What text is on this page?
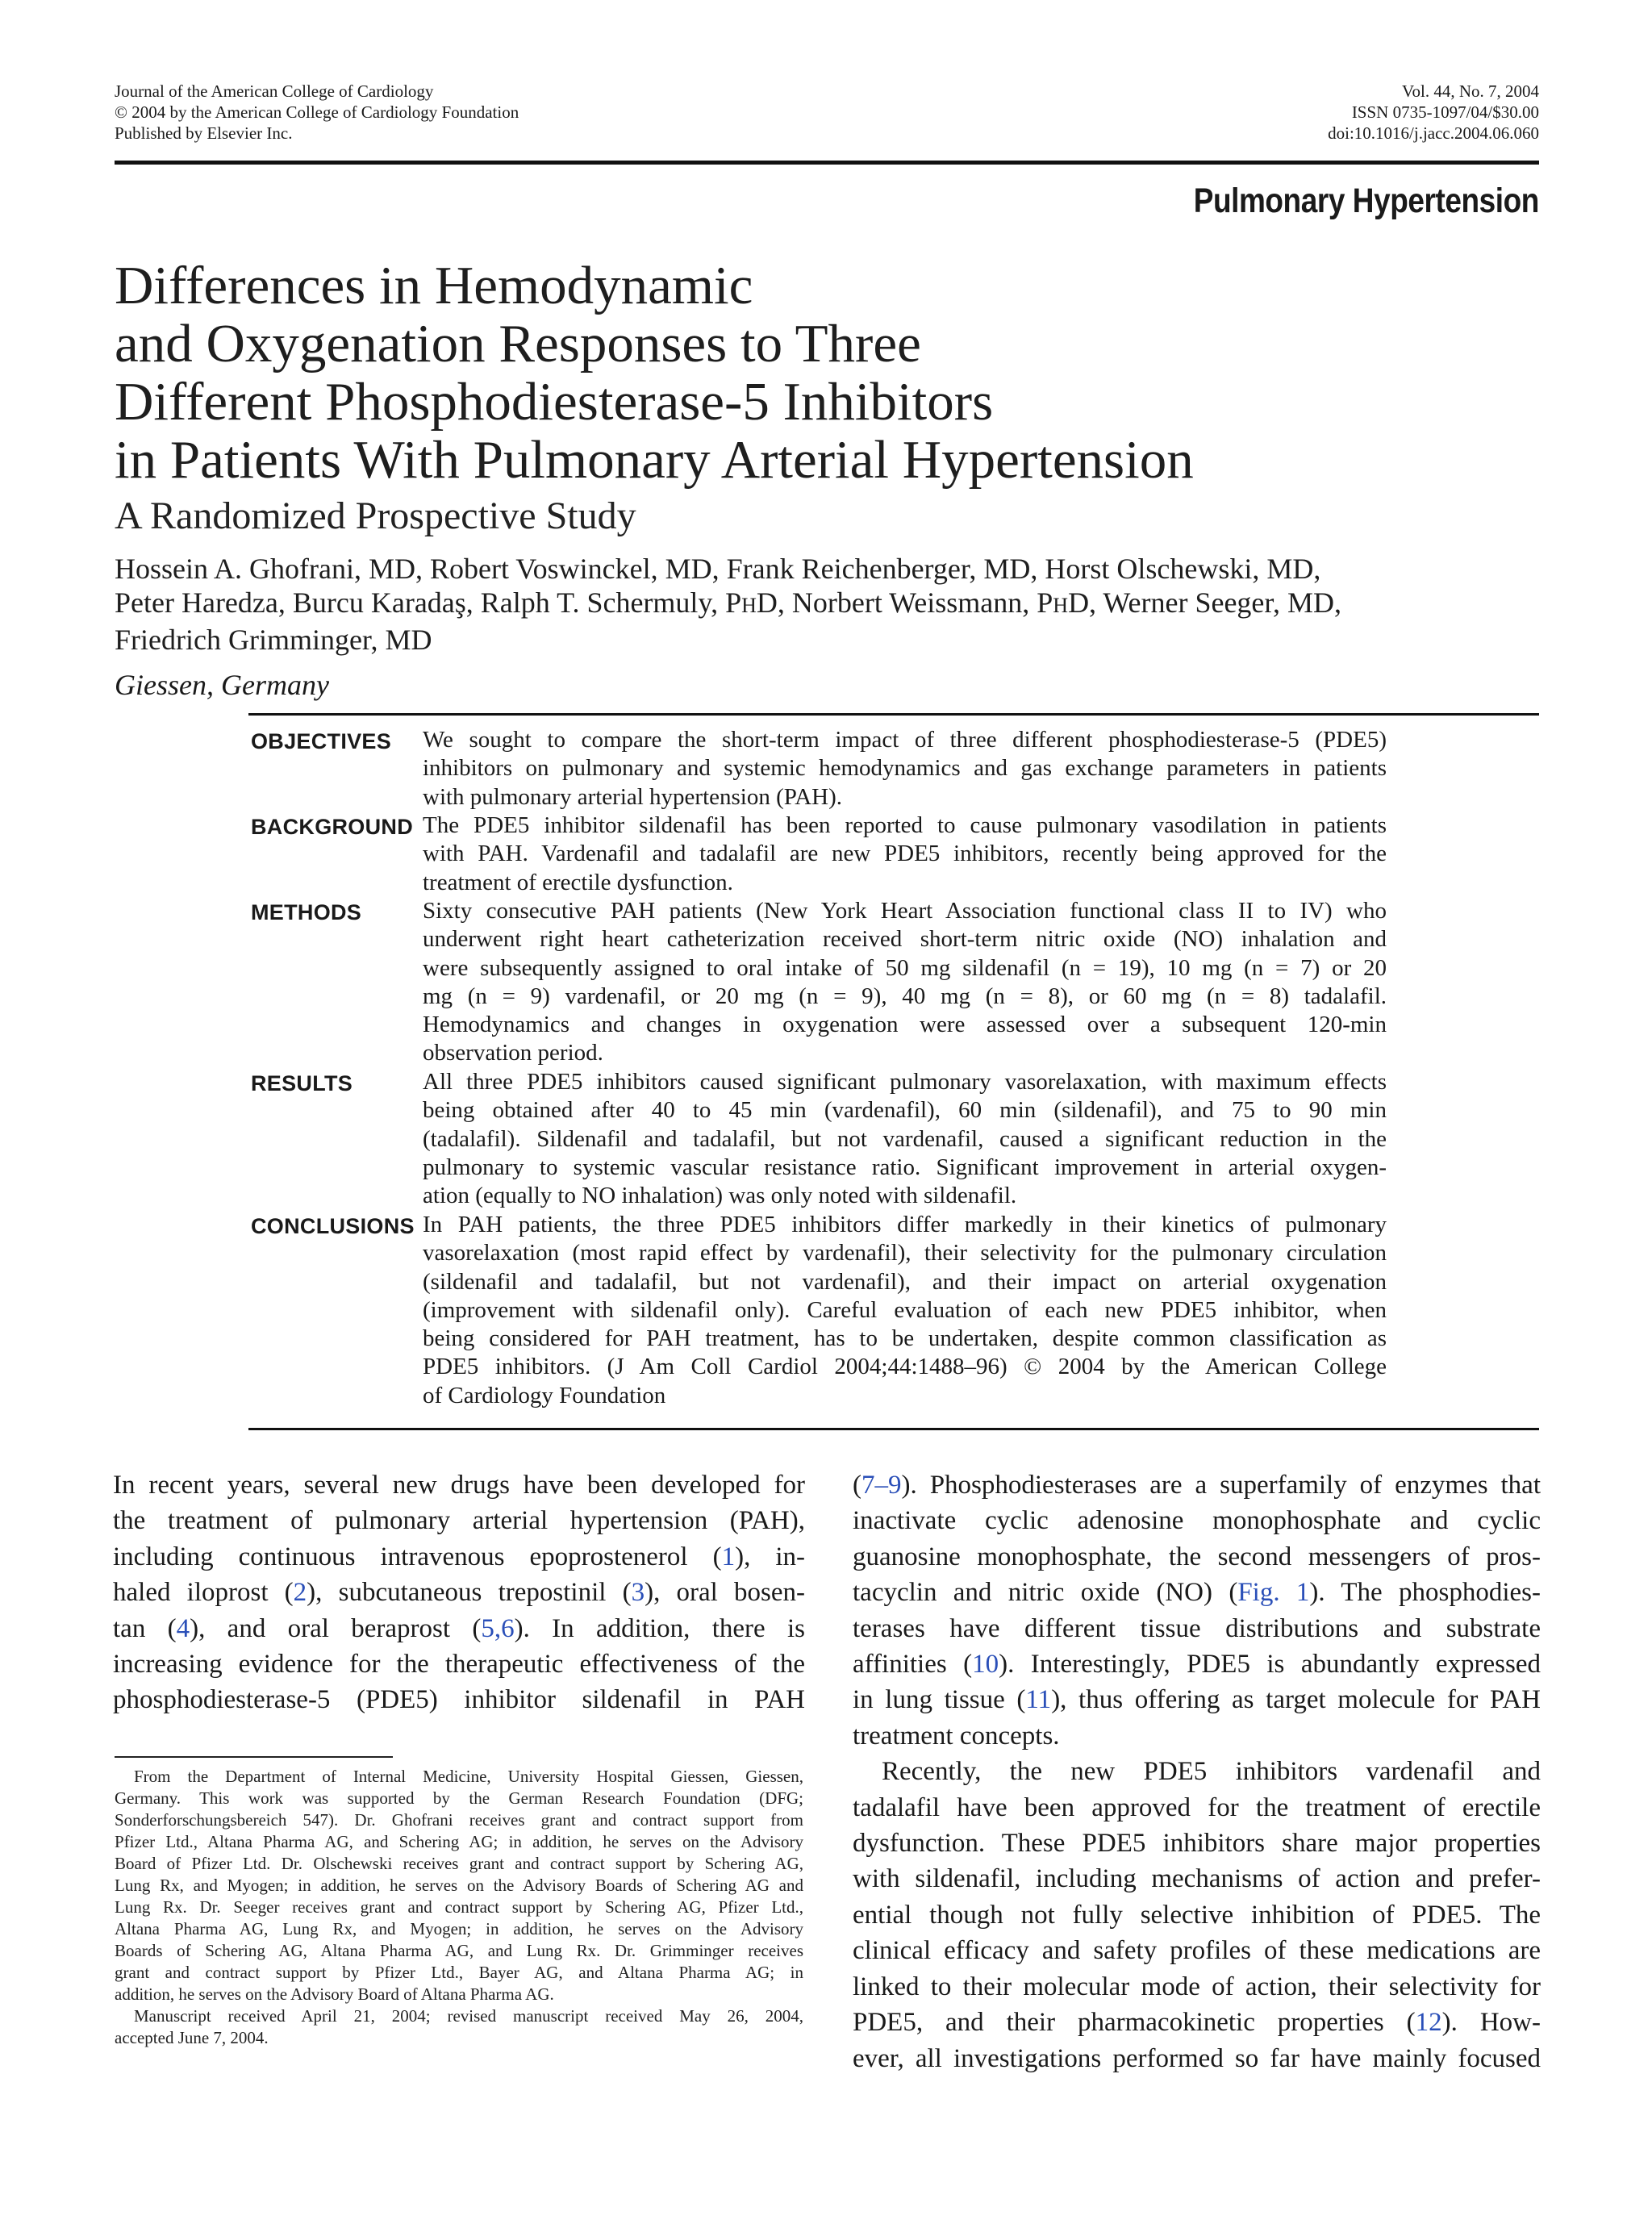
Journal of the American College of Cardiology
© 2004 by the American College of Cardiology Foundation
Published by Elsevier Inc.
Vol. 44, No. 7, 2004
ISSN 0735-1097/04/$30.00
doi:10.1016/j.jacc.2004.06.060
Pulmonary Hypertension
Differences in Hemodynamic
and Oxygenation Responses to Three
Different Phosphodiesterase-5 Inhibitors
in Patients With Pulmonary Arterial Hypertension
A Randomized Prospective Study
Hossein A. Ghofrani, MD, Robert Voswinckel, MD, Frank Reichenberger, MD, Horst Olschewski, MD,
Peter Haredza, Burcu Karadaş, Ralph T. Schermuly, PHD, Norbert Weissmann, PHD, Werner Seeger, MD,
Friedrich Grimminger, MD
Giessen, Germany
OBJECTIVES We sought to compare the short-term impact of three different phosphodiesterase-5 (PDE5)
inhibitors on pulmonary and systemic hemodynamics and gas exchange parameters in patients
with pulmonary arterial hypertension (PAH).
BACKGROUND The PDE5 inhibitor sildenafil has been reported to cause pulmonary vasodilation in patients
with PAH. Vardenafil and tadalafil are new PDE5 inhibitors, recently being approved for the
treatment of erectile dysfunction.
METHODS	Sixty consecutive PAH patients (New York Heart Association functional class II to IV) who
underwent right heart catheterization received short-term nitric oxide (NO) inhalation and
were subsequently assigned to oral intake of 50 mg sildenafil (n = 19), 10 mg (n = 7) or 20
mg (n = 9) vardenafil, or 20 mg (n = 9), 40 mg (n = 8), or 60 mg (n = 8) tadalafil.
Hemodynamics and changes in oxygenation were assessed over a subsequent 120-min
observation period.
RESULTS	All three PDE5 inhibitors caused significant pulmonary vasorelaxation, with maximum effects
being obtained after 40 to 45 min (vardenafil), 60 min (sildenafil), and 75 to 90 min
(tadalafil). Sildenafil and tadalafil, but not vardenafil, caused a significant reduction in the
pulmonary to systemic vascular resistance ratio. Significant improvement in arterial oxygen-
ation (equally to NO inhalation) was only noted with sildenafil.
CONCLUSIONS In PAH patients, the three PDE5 inhibitors differ markedly in their kinetics of pulmonary
vasorelaxation (most rapid effect by vardenafil), their selectivity for the pulmonary circulation
(sildenafil and tadalafil, but not vardenafil), and their impact on arterial oxygenation
(improvement with sildenafil only). Careful evaluation of each new PDE5 inhibitor, when
being considered for PAH treatment, has to be undertaken, despite common classification as
PDE5 inhibitors. (J Am Coll Cardiol 2004;44:1488–96) © 2004 by the American College
of Cardiology Foundation
In recent years, several new drugs have been developed for
the treatment of pulmonary arterial hypertension (PAH),
including continuous intravenous epoprostenerol (1), in-
haled iloprost (2), subcutaneous trepostinil (3), oral bosen-
tan (4), and oral beraprost (5,6). In addition, there is
increasing evidence for the therapeutic effectiveness of the
phosphodiesterase-5 (PDE5) inhibitor sildenafil in PAH
From the Department of Internal Medicine, University Hospital Giessen, Giessen,
Germany. This work was supported by the German Research Foundation (DFG;
Sonderforschungsbereich 547). Dr. Ghofrani receives grant and contract support from
Pfizer Ltd., Altana Pharma AG, and Schering AG; in addition, he serves on the Advisory
Board of Pfizer Ltd. Dr. Olschewski receives grant and contract support by Schering AG,
Lung Rx, and Myogen; in addition, he serves on the Advisory Boards of Schering AG and
Lung Rx. Dr. Seeger receives grant and contract support by Schering AG, Pfizer Ltd.,
Altana Pharma AG, Lung Rx, and Myogen; in addition, he serves on the Advisory
Boards of Schering AG, Altana Pharma AG, and Lung Rx. Dr. Grimminger receives
grant and contract support by Pfizer Ltd., Bayer AG, and Altana Pharma AG; in
addition, he serves on the Advisory Board of Altana Pharma AG.
Manuscript received April 21, 2004; revised manuscript received May 26, 2004,
accepted June 7, 2004.
(7–9). Phosphodiesterases are a superfamily of enzymes that
inactivate cyclic adenosine monophosphate and cyclic
guanosine monophosphate, the second messengers of pros-
tacyclin and nitric oxide (NO) (Fig. 1). The phosphodies-
terases have different tissue distributions and substrate
affinities (10). Interestingly, PDE5 is abundantly expressed
in lung tissue (11), thus offering as target molecule for PAH
treatment concepts.
Recently, the new PDE5 inhibitors vardenafil and
tadalafil have been approved for the treatment of erectile
dysfunction. These PDE5 inhibitors share major properties
with sildenafil, including mechanisms of action and prefer-
ential though not fully selective inhibition of PDE5. The
clinical efficacy and safety profiles of these medications are
linked to their molecular mode of action, their selectivity for
PDE5, and their pharmacokinetic properties (12). How-
ever, all investigations performed so far have mainly focused
